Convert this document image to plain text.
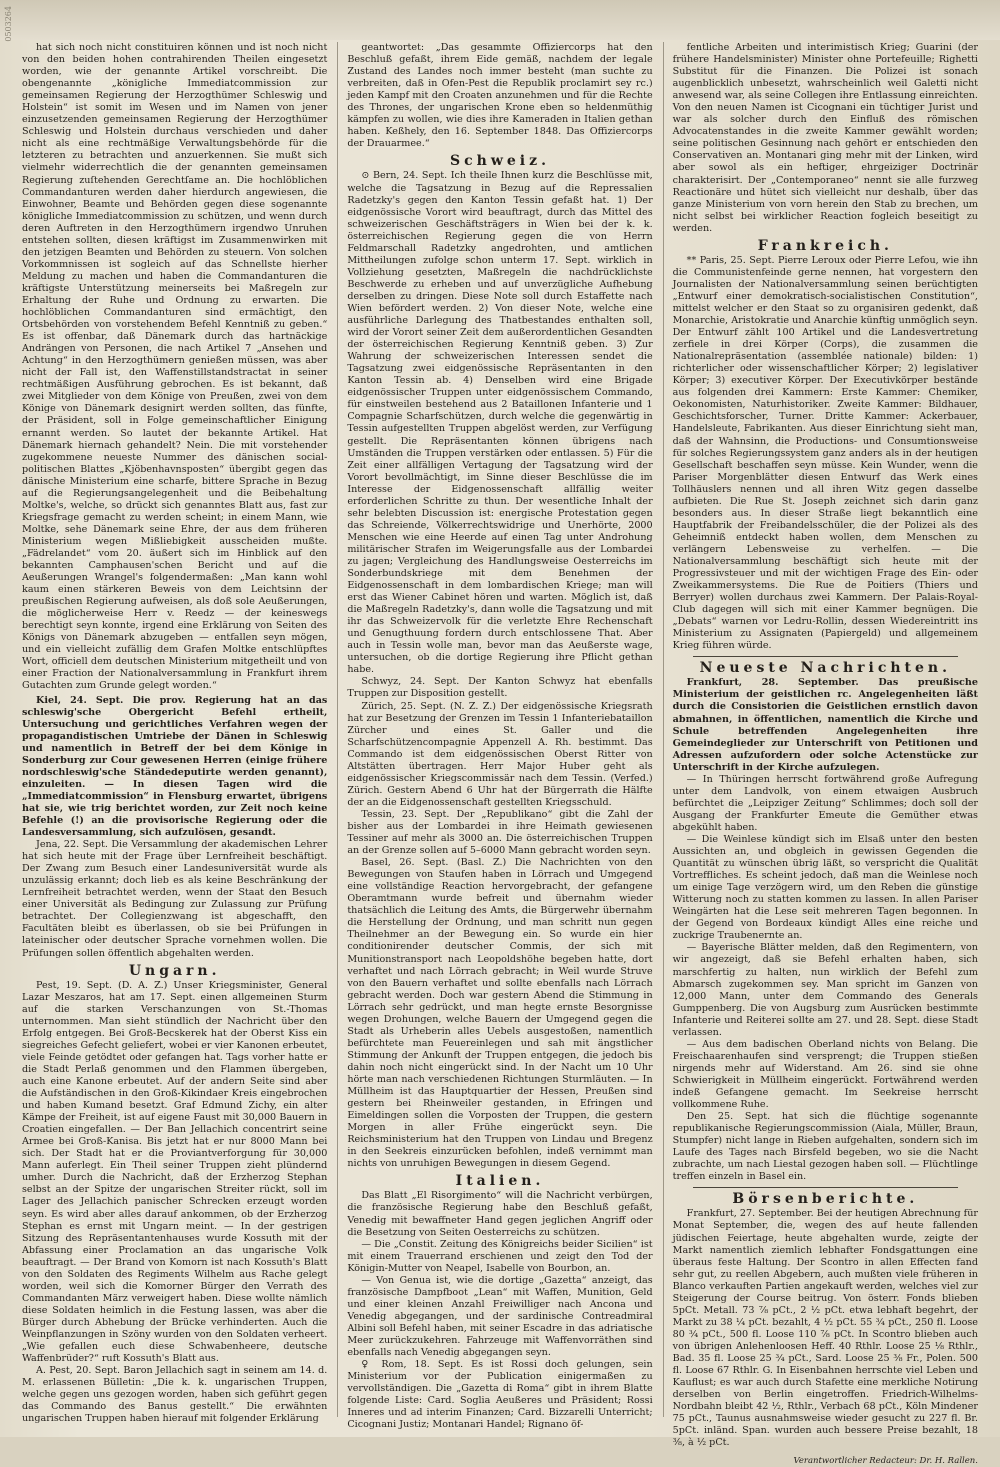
0503264

hat sich noch nicht constituiren können und ist noch nicht von den beiden hohen contrahirenden Theilen eingesetzt worden, wie der genannte Artikel vorschreibt. Die obengenannte „königliche Immediatcommission zur gemeinsamen Regierung der Herzogthümer Schleswig und Holstein“ ist somit im Wesen und im Namen von jener einzusetzenden gemeinsamen Regierung der Herzogthümer Schleswig und Holstein durchaus verschieden und daher nicht als eine rechtmäßige Verwaltungsbehörde für die letzteren zu betrachten und anzuerkennen. Sie mußt sich vielmehr widerrechtlich die der genannten gemeinsamen Regierung zuſtehenden Gerechtſame an. Die hochlöblichen Commandanturen werden daher hierdurch angewiesen, die Einwohner, Beamte und Behörden gegen diese sogenannte königliche Immediatcommission zu schützen, und wenn durch deren Auftreten in den Herzogthümern irgendwo Unruhen entstehen sollten, diesen kräftigst im Zusammenwirken mit den jetzigen Beamten und Behörden zu steuern. Von solchen Vorkommnissen ist sogleich auf das Schnellste hierher Meldung zu machen und haben die Commandanturen die kräftigste Unterstützung meinerseits bei Maßregeln zur Erhaltung der Ruhe und Ordnung zu erwarten. Die hochlöblichen Commandanturen sind ermächtigt, den Ortsbehörden von vorstehendem Befehl Kenntniß zu geben.“ Es ist offenbar, daß Dänemark durch das hartnäckige Andrängen von Personen, die nach Artikel 7 „Ansehen und Achtung“ in den Herzogthümern genießen müssen, was aber nicht der Fall ist, den Waffenstillstandstractat in seiner rechtmäßigen Ausführung gebrochen. Es ist bekannt, daß zwei Mitglieder von dem Könige von Preußen, zwei von dem Könige von Dänemark designirt werden sollten, das fünfte, der Präsident, soll in Folge gemeinschaftlicher Einigung ernannt werden. So lautet der bekannte Artikel. Hat Dänemark hiernach gehandelt? Nein. Die mit vorstehender zugekommene neueste Nummer des dänischen social-politischen Blattes „Kjöbenhavnsposten“ übergibt gegen das dänische Ministerium eine scharfe, bittere Sprache in Bezug auf die Regierungsangelegenheit und die Beibehaltung Moltke's, welche, so drückt sich genanntes Blatt aus, fast zur Kriegsfrage gemacht zu werden scheint; in einem Mann, wie Moltke, sehe Dänemark seine Ehre, der aus dem früheren Ministerium wegen Mißliebigkeit ausscheiden mußte. „Fädrelandet“ vom 20. äußert sich im Hinblick auf den bekannten Camphausen'schen Bericht und auf die Aeußerungen Wrangel's folgendermaßen: „Man kann wohl kaum einen stärkeren Beweis von dem Leichtsinn der preußischen Regierung aufweisen, als doß sole Aeußerungen, die möglicherweise Herr v. Reedz — der keineswegs berechtigt seyn konnte, irgend eine Erklärung von Seiten des Königs von Dänemark abzugeben — entfallen seyn mögen, und ein vielleicht zufällig dem Grafen Moltke entschlüpftes Wort, officiell dem deutschen Ministerium mitgetheilt und von einer Fraction der Nationalversammlung in Frankfurt ihrem Gutachten zum Grunde gelegt worden.“

Kiel, 24. Sept. Die prov. Regierung hat an das schleswig'sche Obergericht Befehl ertheilt, Untersuchung und gerichtliches Verfahren wegen der propagandistischen Umtriebe der Dänen in Schleswig und namentlich in Betreff der bei dem Könige in Sonderburg zur Cour gewesenen Herren (einige frühere nordschleswig'sche Ständedeputirte werden genannt), einzuleiten. — In diesen Tagen wird die „Immediatcommission“ in Flensburg erwartet, übrigens hat sie, wie trig berichtet worden, zur Zeit noch keine Befehle (!) an die provisorische Regierung oder die Landesversammlung, sich aufzulösen, gesandt.

Jena, 22. Sept. Die Versammlung der akademischen Lehrer hat sich heute mit der Frage über Lernfreiheit beschäftigt. Der Zwang zum Besuch einer Landesuniversität wurde als unzulässig erkannt; doch lieb es als keine Beschränkung der Lernfreiheit betrachtet werden, wenn der Staat den Besuch einer Universität als Bedingung zur Zulassung zur Prüfung betrachtet. Der Collegienzwang ist abgeschafft, den Facultäten bleibt es überlassen, ob sie bei Prüfungen in lateinischer oder deutscher Sprache vornehmen wollen. Die Prüfungen sollen öffentlich abgehalten werden.

Ungarn.

Pest, 19. Sept. (D. A. Z.) Unser Kriegsminister, General Lazar Meszaros, hat am 17. Sept. einen allgemeinen Sturm auf die starken Verschanzungen von St.-Thomas unternommen. Man sieht stündlich der Nachricht über den Erfolg entgegen. Bei Groß-Becskerek hat der Oberst Kiss ein siegreiches Gefecht geliefert, wobei er vier Kanonen erbeutet, viele Feinde getödtet oder gefangen hat. Tags vorher hatte er die Stadt Perlaß genommen und den Flammen übergeben, auch eine Kanone erbeutet. Auf der andern Seite sind aber die Aufständischen in den Groß-Kikindaer Kreis eingebrochen und haben Kumand besetzt. Graf Edmund Zichy, ein alter Kämpe der Freiheit, ist auf eigene Faust mit 30,000 Bauern in Croatien eingefallen. — Der Ban Jellachich concentrirt seine Armee bei Groß-Kanisa. Bis jetzt hat er nur 8000 Mann bei sich. Der Stadt hat er die Proviantverforgung für 30,000 Mann auferlegt. Ein Theil seiner Truppen zieht plündernd umher. Durch die Nachricht, daß der Erzherzog Stephan selbst an der Spitze der ungarischen Streiter rückt, soll im Lager des Jellachich panischer Schrecken erzeugt worden seyn. Es wird aber alles darauf ankommen, ob der Erzherzog Stephan es ernst mit Ungarn meint. — In der gestrigen Sitzung des Repräsentantenhauses wurde Kossuth mit der Abfassung einer Proclamation an das ungarische Volk beauftragt. — Der Brand von Komorn ist nach Kossuth's Blatt von den Soldaten des Regiments Wilhelm aus Rache gelegt worden, weil sich die Komorner Bürger den Verrath des Commandanten März verweigert haben. Diese wollte nämlich diese Soldaten heimlich in die Festung lassen, was aber die Bürger durch Abhebung der Brücke verhinderten. Auch die Weinpflanzungen in Szöny wurden von den Soldaten verheert. „Wie gefallen euch diese Schwabenheere, deutsche Waffenbrüder?“ ruft Kossuth's Blatt aus.

A. Pest, 20. Sept. Baron Jellachich sagt in seinem am 14. d. M. erlassenen Bülletin: „Die k. k. ungarischen Truppen, welche gegen uns gezogen worden, haben sich geführt gegen das Commando des Banus gestellt.“ Die erwähnten ungarischen Truppen haben hierauf mit folgender Erklärung

geantwortet: „Das gesammte Offiziercorps hat den Beschluß gefaßt, ihrem Eide gemäß, nachdem der legale Zustand des Landes noch immer besteht (man suchte zu verbreiten, daß in Ofen-Pest die Republik proclamirt sey rc.) jeden Kampf mit den Croaten anzunehmen und für die Rechte des Thrones, der ungarischen Krone eben so heldenmüthig kämpfen zu wollen, wie dies ihre Kameraden in Italien gethan haben. Keßhely, den 16. September 1848. Das Offiziercorps der Drauarmee.“

Schweiz.

⊙ Bern, 24. Sept. Ich theile Ihnen kurz die Beschlüsse mit, welche die Tagsatzung in Bezug auf die Repressalien Radetzky's gegen den Kanton Tessin gefaßt hat. 1) Der eidgenössische Vorort wird beauftragt, durch das Mittel des schweizerischen Geschäftsträgers in Wien bei der k. k. österreichischen Regierung gegen die von Herrn Feldmarschall Radetzky angedrohten, und amtlichen Mittheilungen zufolge schon unterm 17. Sept. wirklich in Vollziehung gesetzten, Maßregeln die nachdrücklichste Beschwerde zu erheben und auf unverzügliche Aufhebung derselben zu dringen. Diese Note soll durch Estaffette nach Wien befördert werden. 2) Von dieser Note, welche eine ausführliche Darlegung des Thatbestandes enthalten soll, wird der Vorort seiner Zeit dem außerordentlichen Gesandten der österreichischen Regierung Kenntniß geben. 3) Zur Wahrung der schweizerischen Interessen sendet die Tagsatzung zwei eidgenössische Repräsentanten in den Kanton Tessin ab. 4) Denselben wird eine Brigade eidgenössischer Truppen unter eidgenössischem Commando, für einstweilen bestehend aus 2 Bataillonen Infanterie und 1 Compagnie Scharfschützen, durch welche die gegenwärtig in Tessin aufgestellten Truppen abgelöst werden, zur Verfügung gestellt. Die Repräsentanten können übrigens nach Umständen die Truppen verstärken oder entlassen. 5) Für die Zeit einer allfälligen Vertagung der Tagsatzung wird der Vorort bevollmächtigt, im Sinne dieser Beschlüsse die im Interesse der Eidgenossenschaft allfällig weiter erforderlichen Schritte zu thun. Der wesentliche Inhalt der sehr belebten Discussion ist: energische Protestation gegen das Schreiende, Völkerrechtswidrige und Unerhörte, 2000 Menschen wie eine Heerde auf einen Tag unter Androhung militärischer Strafen im Weigerungsfalle aus der Lombardei zu jagen; Vergleichung des Handlungsweise Oesterreichs im Sonderbundskriege mit dem Benehmen der Eidgenossenschaft in dem lombardischen Kriege; man will erst das Wiener Cabinet hören und warten. Möglich ist, daß die Maßregeln Radetzky's, dann wolle die Tagsatzung und mit ihr das Schweizervolk für die verletzte Ehre Rechenschaft und Genugthuung fordern durch entschlossene That. Aber auch in Tessin wolle man, bevor man das Aeußerste wage, untersuchen, ob die dortige Regierung ihre Pflicht gethan habe.

Schwyz, 24. Sept. Der Kanton Schwyz hat ebenfalls Truppen zur Disposition gestellt.

Zürich, 25. Sept. (N. Z. Z.) Der eidgenössische Kriegsrath hat zur Besetzung der Grenzen im Tessin 1 Infanteriebataillon Zürcher und eines St. Galler und die Scharfschützencompagnie Appenzell A. Rh. bestimmt. Das Commando ist dem eidgenössischen Oberst Ritter von Altstätten übertragen. Herr Major Huber geht als eidgenössischer Kriegscommissär nach dem Tessin. (Verfed.) Zürich. Gestern Abend 6 Uhr hat der Bürgerrath die Hälfte der an die Eidgenossenschaft gestellten Kriegsschuld.

Tessin, 23. Sept. Der „Republikano“ gibt die Zahl der bisher aus der Lombardei in ihre Heimath gewiesenen Tessiner auf mehr als 3000 an. Die österreichischen Truppen an der Grenze sollen auf 5–6000 Mann gebracht worden seyn.

Basel, 26. Sept. (Basl. Z.) Die Nachrichten von den Bewegungen von Staufen haben in Lörrach und Umgegend eine vollständige Reaction hervorgebracht, der gefangene Oberamtmann wurde befreit und übernahm wieder thatsächlich die Leitung des Amts, die Bürgerwehr übernahm die Herstellung der Ordnung, und man schritt nun gegen Theilnehmer an der Bewegung ein. So wurde ein hier conditionirender deutscher Commis, der sich mit Munitionstransport nach Leopoldshöhe begeben hatte, dort verhaftet und nach Lörrach gebracht; in Weil wurde Struve von den Bauern verhaftet und sollte ebenfalls nach Lörrach gebracht werden. Doch war gestern Abend die Stimmung in Lörrach sehr gedrückt, und man hegte ernste Besorgnisse wegen Drohungen, welche Bauern der Umgegend gegen die Stadt als Urheberin alles Uebels ausgestoßen, namentlich befürchtete man Feuereinlegen und sah mit ängstlicher Stimmung der Ankunft der Truppen entgegen, die jedoch bis dahin noch nicht eingerückt sind. In der Nacht um 10 Uhr hörte man nach verschiedenen Richtungen Sturmläuten. — In Müllheim ist das Hauptquartier der Hessen, Preußen sind gestern bei Rheinweiler gestanden, in Efringen und Eimeldingen sollen die Vorposten der Truppen, die gestern Morgen in aller Frühe eingerückt seyn. Die Reichsministerium hat den Truppen von Lindau und Bregenz in den Seekreis einzurücken befohlen, indeß vernimmt man nichts von unruhigen Bewegungen in diesem Gegend.

Italien.

Das Blatt „El Risorgimento“ will die Nachricht verbürgen, die französische Regierung habe den Beschluß gefaßt, Venedig mit bewaffneter Hand gegen jeglichen Angriff oder die Besetzung von Seiten Oesterreichs zu schützen.

— Die „Constit. Zeitung des Königreichs beider Sicilien“ ist mit einem Trauerrand erschienen und zeigt den Tod der Königin-Mutter von Neapel, Isabelle von Bourbon, an.

— Von Genua ist, wie die dortige „Gazetta“ anzeigt, das französische Dampfboot „Lean“ mit Waffen, Munition, Geld und einer kleinen Anzahl Freiwilliger nach Ancona und Venedig abgegangen, und der sardinische Contreadmiral Albini soll Befehl haben, mit seiner Escadre in das adriatische Meer zurückzukehren. Fahrzeuge mit Waffenvorräthen sind ebenfalls nach Venedig abgegangen seyn.

♀ Rom, 18. Sept. Es ist Rossi doch gelungen, sein Ministerium vor der Publication einigermaßen zu vervollständigen. Die „Gazetta di Roma“ gibt in ihrem Blatte folgende Liste: Card. Soglia Aeußeres und Präsident; Rossi Inneres und ad interim Finanzen; Card. Bizzarelli Unterricht; Cicognani Justiz; Montanari Handel; Rignano öf-

fentliche Arbeiten und interimistisch Krieg; Guarini (der frühere Handelsminister) Minister ohne Portefeuille; Righetti Substitut für die Finanzen. Die Polizei ist sonach augenblicklich unbesetzt, wahrscheinlich weil Galetti nicht anwesend war, als seine Collegen ihre Entlassung einreichten. Von den neuen Namen ist Cicognani ein tüchtiger Jurist und war als solcher durch den Einfluß des römischen Advocatenstandes in die zweite Kammer gewählt worden; seine politischen Gesinnung nach gehört er entschieden den Conservativen an. Montanari ging mehr mit der Linken, wird aber sowol als ein heftiger, ehrgeiziger Doctrinär charakterisirt. Der „Contemporaneo“ nennt sie alle furzweg Reactionäre und hütet sich vielleicht nur deshalb, über das ganze Ministerium von vorn herein den Stab zu brechen, um nicht selbst bei wirklicher Reaction fogleich beseitigt zu werden.

Frankreich.

** Paris, 25. Sept. Pierre Leroux oder Pierre Lefou, wie ihn die Communistenfeinde gerne nennen, hat vorgestern den Journalisten der Nationalversammlung seinen berüchtigten „Entwurf einer demokratisch-socialistischen Constitution“, mittelst welcher er den Staat so zu organisiren gedenkt, daß Monarchie, Aristokratie und Anarchie künftig unmöglich seyn. Der Entwurf zählt 100 Artikel und die Landesvertretung zerfiele in drei Körper (Corps), die zusammen die Nationalrepräsentation (assemblée nationale) bilden: 1) richterlicher oder wissenschaftlicher Körper; 2) legislativer Körper; 3) executiver Körper. Der Executivkörper bestände aus folgenden drei Kammern: Erste Kammer: Chemiker, Oekonomisten, Naturhistoriker. Zweite Kammer: Bildhauer, Geschichtsforscher, Turner. Dritte Kammer: Ackerbauer, Handelsleute, Fabrikanten. Aus dieser Einrichtung sieht man, daß der Wahnsinn, die Productions- und Consumtionsweise für solches Regierungssystem ganz anders als in der heutigen Gesellschaft beschaffen seyn müsse. Kein Wunder, wenn die Pariser Morgenblätter diesen Entwurf das Werk eines Tollhäuslers nennen und all ihren Witz gegen dasselbe aufbieten. Die Rue St. Joseph zeichnet sich darin ganz besonders aus. In dieser Straße liegt bekanntlich eine Hauptfabrik der Freibandelsschüler, die der Polizei als des Geheimniß entdeckt haben wollen, dem Menschen zu verlängern Lebensweise zu verhelfen. — Die Nationalversammlung beschäftigt sich heute mit der Progressivsteuer und mit der wichtigen Frage des Ein- oder Zweikammersystems. Die Rue de Poitiers (Thiers und Berryer) wollen durchaus zwei Kammern. Der Palais-Royal-Club dagegen will sich mit einer Kammer begnügen. Die „Debats“ warnen vor Ledru-Rollin, dessen Wiedereintritt ins Ministerium zu Assignaten (Papiergeld) und allgemeinem Krieg führen würde.

Neueste Nachrichten.

Frankfurt, 28. September. Das preußische Ministerium der geistlichen rc. Angelegenheiten läßt durch die Consistorien die Geistlichen ernstlich davon abmahnen, in öffentlichen, namentlich die Kirche und Schule betreffenden Angelegenheiten ihre Gemeindeglieder zur Unterschrift von Petitionen und Adressen aufzufordern oder solche Actenstücke zur Unterschrift in der Kirche aufzulegen.

— In Thüringen herrscht fortwährend große Aufregung unter dem Landvolk, von einem etwaigen Ausbruch befürchtet die „Leipziger Zeitung“ Schlimmes; doch soll der Ausgang der Frankfurter Emeute die Gemüther etwas abgekühlt haben.

— Die Weinlese kündigt sich im Elsaß unter den besten Aussichten an, und obgleich in gewissen Gegenden die Quantität zu wünschen übrig läßt, so verspricht die Qualität Vortreffliches. Es scheint jedoch, daß man die Weinlese noch um einige Tage verzögern wird, um den Reben die günstige Witterung noch zu statten kommen zu lassen. In allen Pariser Weingärten hat die Lese seit mehreren Tagen begonnen. In der Gegend von Bordeaux kündigt Alles eine reiche und zuckrige Traubenernte an.

— Bayerische Blätter melden, daß den Regimentern, von wir angezeigt, daß sie Befehl erhalten haben, sich marschfertig zu halten, nun wirklich der Befehl zum Abmarsch zugekommen sey. Man spricht im Ganzen von 12,000 Mann, unter dem Commando des Generals Gumppenberg. Die von Augsburg zum Ausrücken bestimmte Infanterie und Reiterei sollte am 27. und 28. Sept. diese Stadt verlassen.

— Aus dem badischen Oberland nichts von Belang. Die Freischaarenhaufen sind versprengt; die Truppen stießen nirgends mehr auf Widerstand. Am 26. sind sie ohne Schwierigkeit in Müllheim eingerückt. Fortwährend werden indeß Gefangene gemacht. Im Seekreise herrscht vollkommene Ruhe.

Den 25. Sept. hat sich die flüchtige sogenannte republikanische Regierungscommission (Aiala, Müller, Braun, Stumpfer) nicht lange in Rieben aufgehalten, sondern sich im Laufe des Tages nach Birsfeld begeben, wo sie die Nacht zubrachte, um nach Liestal gezogen haben soll. — Flüchtlinge treffen einzeln in Basel ein.

Börsenberichte.

Frankfurt, 27. September. Bei der heutigen Abrechnung für Monat September, die, wegen des auf heute fallenden jüdischen Feiertage, heute abgehalten wurde, zeigte der Markt namentlich ziemlich lebhafter Fondsgattungen eine überaus feste Haltung. Der Scontro in allen Effecten fand sehr gut, zu reellen Abgebern, auch mußten viele früheren in Blanco verkauften Partien angekauft werden, welches viel zur Steigerung der Course beitrug. Von österr. Fonds blieben 5pCt. Metall. 73 ⅞ pCt., 2 ½ pCt. etwa lebhaft begehrt, der Markt zu 38 ¼ pCt. bezahlt, 4 ½ pCt. 55 ¾ pCt., 250 fl. Loose 80 ¾ pCt., 500 fl. Loose 110 ⅞ pCt. In Scontro blieben auch von übrigen Anlehenloosen Heff. 40 Rthlr. Loose 25 ⅛ Rthlr., Bad. 35 fl. Loose 25 ¾ pCt., Sard. Loose 25 ⅜ Fr., Polen. 500 fl. Loose 67 Rthlr. G. In Eisenbahnen herrschte viel Leben und Kauflust; es war auch durch Stafette eine merkliche Notirung derselben von Berlin eingetroffen. Friedrich-Wilhelms-Nordbahn bleibt 42 ½, Rthlr., Verbach 68 pCt., Köln Mindener 75 pCt., Taunus ausnahmsweise wieder gesucht zu 227 fl. Br. 5pCt. inländ. Span. wurden auch bessere Preise bezahlt, 18 ⅜, à ½ pCt.

Verantwortlicher Redacteur: Dr. H. Rallen.
